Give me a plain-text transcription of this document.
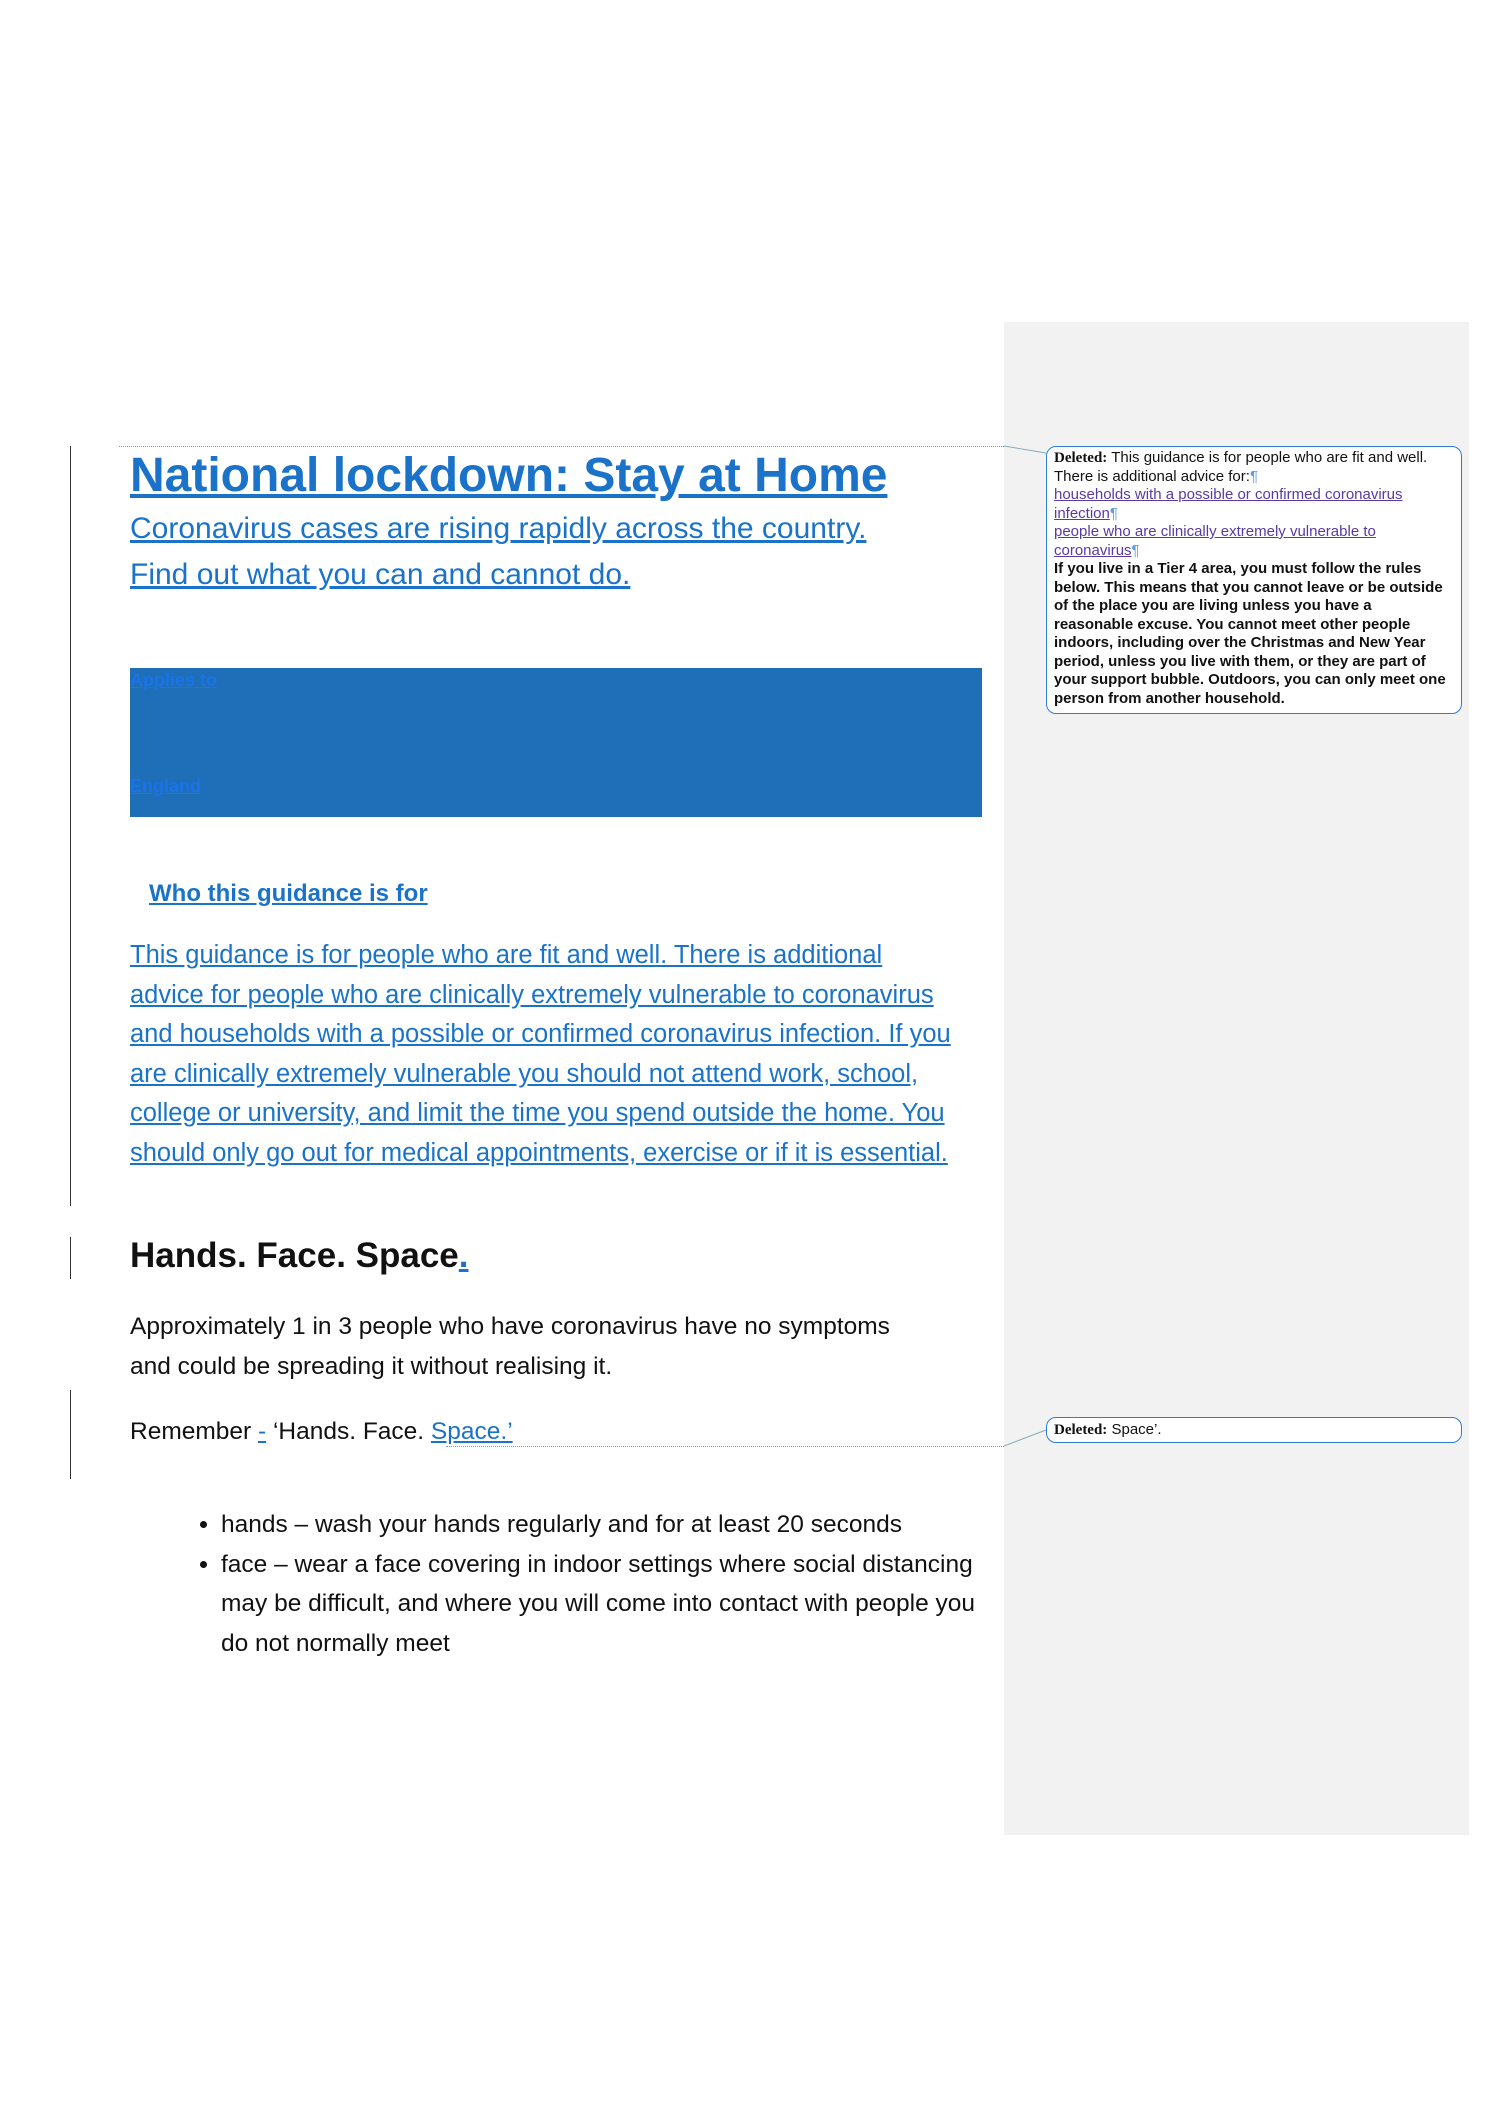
National lockdown: Stay at Home
Coronavirus cases are rising rapidly across the country.
Find out what you can and cannot do.
Applies to
England
Who this guidance is for
This guidance is for people who are fit and well. There is additional
advice for people who are clinically extremely vulnerable to coronavirus
and households with a possible or confirmed coronavirus infection. If you
are clinically extremely vulnerable you should not attend work, school,
college or university, and limit the time you spend outside the home. You
should only go out for medical appointments, exercise or if it is essential.
Hands. Face. Space.
Approximately 1 in 3 people who have coronavirus have no symptoms
and could be spreading it without realising it.
Remember - ‘Hands. Face. Space.’
• hands – wash your hands regularly and for at least 20 seconds
• face – wear a face covering in indoor settings where social distancing may be difficult, and where you will come into contact with people you do not normally meet
Deleted: This guidance is for people who are fit and well. There is additional advice for:¶
households with a possible or confirmed coronavirus infection¶
people who are clinically extremely vulnerable to coronavirus¶
If you live in a Tier 4 area, you must follow the rules below. This means that you cannot leave or be outside of the place you are living unless you have a reasonable excuse. You cannot meet other people indoors, including over the Christmas and New Year period, unless you live with them, or they are part of your support bubble. Outdoors, you can only meet one person from another household.
Deleted: Space’.
